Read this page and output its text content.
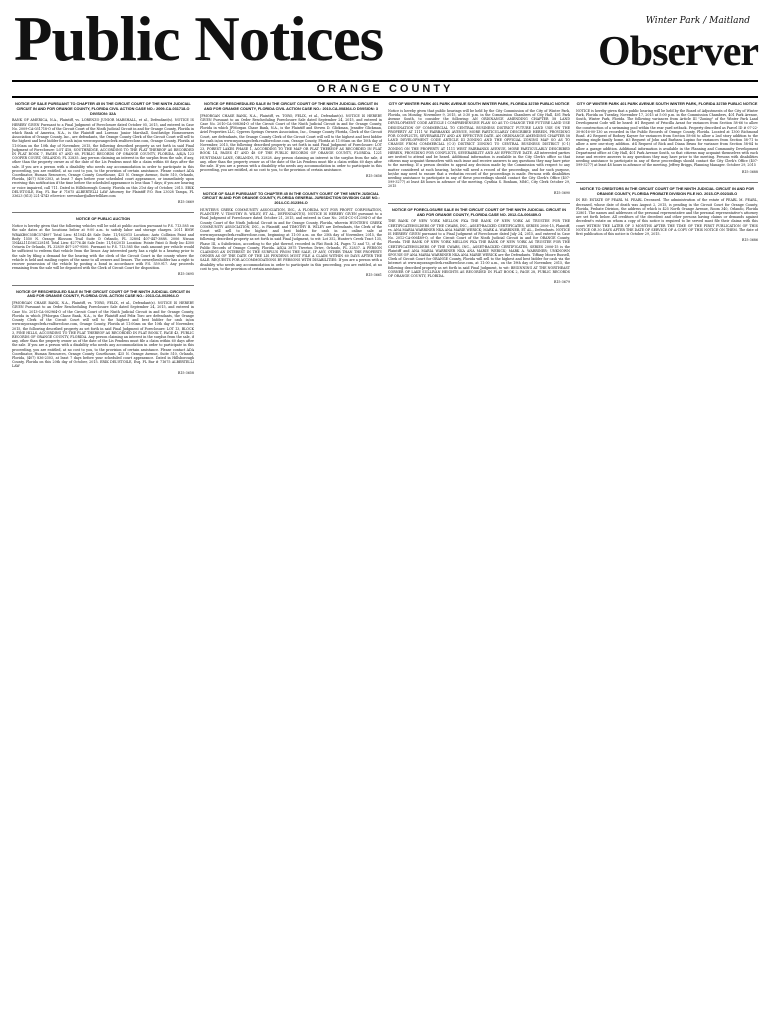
Public Notices	Winter Park / Maitland
Observer
ORANGE COUNTY
NOTICE OF SALE PURSUANT TO CHAPTER 45 IN THE CIRCUIT COURT OF THE NINTH JUDICIAL CIRCUIT IN AND FOR ORANGE COUNTY, FLORIDA CIVIL ACTION CASE NO.: 2009-CA-031718-O DIVISION: 32A
BANK OF AMERICA, N.A., Plaintiff, vs. LORENZO JUNIOR MARSHALL, et al., Defendant(s). NOTICE IS HEREBY GIVEN Pursuant to a Final Judgment of Foreclosure dated October 05, 2015, and entered in Case No. 2009-CA-031718-O of the Circuit Court of the Ninth Judicial Circuit in and for Orange County, Florida in which Bank of America, N.A., is the Plaintiff and Lorenzo Junior Marshall, Southridge Homeowners Association of Orange County, Inc., are defendants, the Orange County Clerk of the Circuit Court will sell to the highest and best bidder for cash in/on www.myorangeclerk.realforeclose.com, Orange County, Florida at 11:00am on the 10th day of November, 2015, the following described property as set forth in said Final Judgment of Foreclosure: LOT 418, SOUTHRIDGE, ACCORDING TO THE PLAT THEREOF AS RECORDED IN PLAT BOOK 7, PAGES 67 AND 68, PUBLIC RECORDS OF ORANGE COUNTY, FLORIDA. A/K/A 123 COOPER COURT, ORLANDO, FL 32835. Any person claiming an interest in the surplus from the sale, if any, other than the property owner as of the date of the Lis Pendens must file a claim within 60 days after the sale. If you are a person with a disability who needs any accommodation in order to participate in this proceeding, you are entitled, at no cost to you, to the provision of certain assistance. Please contact ADA Coordinator, Human Resources, Orange County Courthouse, 425 N. Orange Avenue, Suite 510, Orlando, Florida, (407) 836-2303, at least 7 days before your scheduled court appearance, or immediately upon receiving this notification if the time before the scheduled appearance is less than 7 days; if you are hearing or voice impaired, call 711. Dated in Hillsborough County, Florida on this 21st day of October, 2015. ERIK DEL'ETOILE, Esq. FL Bar # 71675 ALBERTELLI LAW Attorney for Plaintiff P.O. Box 23028 Tampa, FL 33623 (813) 221-4743 eService: servealaw@albertellilaw.com
R15-3669
NOTICE OF PUBLIC AUCTION
Notice is hereby given that the following vehicles will be sold at public auction pursuant to F.S. 713.585 on the sale dates at the locations below at 9:00 a.m. to satisfy labor and storage charges. 2011 BMW WBAKB0C55BC574897 Total Lien: $11043.48 Sale Date: 11/16/2015 Location: Auto Collision Paint and Body 1550 N. Orange Blossom Trail Suite D Orlando, FL 32804 407-447-3888. 2006 Nissan 1N4AL11D36C228181 Total Lien: $2776.46 Sale Date: 11/16/2015 Location: Pointe Paint & Body Inc 4300 Octavia Dr Orlando, FL 32839 407-297-9500. Pursuant to F.S. 713.585 the cash amount per vehicle would be sufficient to redeem that vehicle from the lienor. Any interested party has a right to a hearing prior to the sale by filing a demand for the hearing with the clerk of the Circuit Court in the county where the vehicle is held and mailing copies of the same to all owners and lienors. The owner/lienholder has a right to recover possession of the vehicle by posting a bond in accordance with F.S. 559.917. Any proceeds remaining from the sale will be deposited with the Clerk of Circuit Court for disposition.
R15-3695
NOTICE OF RESCHEDULED SALE IN THE CIRCUIT COURT OF THE NINTH JUDICIAL CIRCUIT IN AND FOR ORANGE COUNTY, FLORIDA CIVIL ACTION CASE NO.: 2013-CA-002964-O
JPMORGAN CHASE BANK, N.A., Plaintiff, vs. TORO, FELIX, et al., Defendant(s). NOTICE IS HEREBY GIVEN Pursuant to an Order Rescheduling Foreclosure Sale dated September 24, 2015, and entered in Case No. 2013-CA-002964-O of the Circuit Court of the Ninth Judicial Circuit in and for Orange County, Florida in which JPMorgan Chase Bank, N.A., is the Plaintiff and Felix Toro are defendants, the Orange County Clerk of the Circuit Court will sell to the highest and best bidder for cash in/on www.myorangeclerk.realforeclose.com, Orange County, Florida at 11:00am on the 10th day of November, 2015, the following described property as set forth in said Final Judgment of Foreclosure: LOT 13, BLOCK 3, PINE HILLS, ACCORDING TO THE PLAT THEREOF AS RECORDED IN PLAT BOOK T, PAGE 43, PUBLIC RECORDS OF ORANGE COUNTY, FLORIDA. Any person claiming an interest in the surplus from the sale, if any, other than the property owner as of the date of the Lis Pendens must file a claim within 60 days after the sale. If you are a person with a disability who needs any accommodation in order to participate in this proceeding, you are entitled, at no cost to you, to the provision of certain assistance. Please contact ADA Coordinator, Human Resources, Orange County Courthouse, 425 N. Orange Avenue, Suite 510, Orlando, Florida, (407) 836-2303, at least 7 days before your scheduled court appearance. Dated in Hillsborough County, Florida on this 20th day of October, 2015. ERIK DEL'ETOILE, Esq. FL Bar # 71675 ALBERTELLI LAW
R15-3658
NOTICE OF RESCHEDULED SALE IN THE CIRCUIT COURT OF THE NINTH JUDICIAL CIRCUIT IN AND FOR ORANGE COUNTY, FLORIDA CIVIL ACTION CASE NO.: 2010-CA-008364-O DIVISION: 3
JPMORGAN CHASE BANK, N.A., Plaintiff, vs. TORO, FELIX, et al., Defendant(s). NOTICE IS HEREBY GIVEN Pursuant to an Order Rescheduling Foreclosure Sale dated September 24, 2015, and entered in Case No. 2010-CA-008364-O of the Circuit Court of the Ninth Judicial Circuit in and for Orange County, Florida in which JPMorgan Chase Bank, N.A., is the Plaintiff and Steven D. Glickman, Jennifer Glickman, Ariel Properties LLC, Cypress Springs Owners Association, Inc., Orange County Florida, Clerk of the Circuit Court, are defendants, the Orange County Clerk of the Circuit Court will sell to the highest and best bidder for cash in/on www.myorangeclerk.realforeclose.com, Orange County, Florida at 11:00am on the 10th day of November, 2015, the following described property as set forth in said Final Judgment of Foreclosure: LOT 23, FOREST LAKES PHASE 1, ACCORDING TO THE MAP OR PLAT THEREOF AS RECORDED IN PLAT BOOK 14, PAGES 47 AND 48 OF THE PUBLIC RECORDS OF ORANGE COUNTY, FLORIDA. 1221 HUNTSMAN LANE, ORLANDO, FL 32828. Any person claiming an interest in the surplus from the sale, if any, other than the property owner as of the date of the Lis Pendens must file a claim within 60 days after the sale. If you are a person with a disability who needs any accommodation in order to participate in this proceeding, you are entitled, at no cost to you, to the provision of certain assistance.
R15-3656
NOTICE OF SALE PURSUANT TO CHAPTER 45 IN THE COUNTY COURT OF THE NINTH JUDICIAL CIRCUIT IN AND FOR ORANGE COUNTY, FLORIDA GENERAL JURISDICTION DIVISION CASE NO.: 2014-CC-012394-O
HUNTER'S CREEK COMMUNITY ASSOCIATION, INC., A FLORIDA NOT FOR PROFIT CORPORATION, PLAINTIFF, V. TIMOTHY B. WILEY, ET AL., DEFENDANT(S). NOTICE IS HEREBY GIVEN pursuant to a Final Judgment of Foreclosure dated October 21, 2015, and entered in Case No. 2014-CC-012394-O of the County Court of the Ninth Judicial Circuit in and for Orange County, Florida, wherein HUNTER'S CREEK COMMUNITY ASSOCIATION, INC., is Plaintiff, and TIMOTHY B. WILEY are Defendants, the Clerk of the Court will sell to the highest and best bidder for cash in an online sale at www.myorangeclerk.realforeclose.com, beginning at 11:00 a.m. on the 25th day of November, 2015, the following described property as set forth in said Final Judgment, to wit: Lot 352, Hunter's Creek Tract 135, Phase III, a Subdivision, according to the plat thereof, recorded in Plat Book 34, Pages 72 and 73, of the Public Records of Orange County, Florida. A/K/A 3875 Tiverton Drive, Orlando, FL 32837. A PERSON CLAIMING AN INTEREST IN THE SURPLUS FROM THE SALE, IF ANY, OTHER THAN THE PROPERTY OWNER AS OF THE DATE OF THE LIS PENDENS MUST FILE A CLAIM WITHIN 60 DAYS AFTER THE SALE. REQUESTS FOR ACCOMMODATIONS BY PERSONS WITH DISABILITIES: If you are a person with a disability who needs any accommodation in order to participate in this proceeding, you are entitled, at no cost to you, to the provision of certain assistance.
R15-3661
CITY OF WINTER PARK 401 PARK AVENUE SOUTH WINTER PARK, FLORIDA 32789 PUBLIC NOTICE
Notice is hereby given that public hearings will be held by the City Commission of the City of Winter Park, Florida, on Monday, November 9, 2015, at 3:30 p.m. in the Commission Chambers of City Hall, 401 Park Avenue South, to consider the following: AN ORDINANCE AMENDING CHAPTER 58 LAND DEVELOPMENT CODE ARTICLE I COMPREHENSIVE PLAN SO AS TO CHANGE THE FUTURE LAND USE DESIGNATION OF COMMERCIAL TO CENTRAL BUSINESS DISTRICT FUTURE LAND USE ON THE PROPERTY AT 1111 W. FAIRBANKS AVENUE, MORE PARTICULARLY DESCRIBED HEREIN, PROVIDING FOR CONFLICTS, SEVERABILITY AND AN EFFECTIVE DATE. AN ORDINANCE AMENDING CHAPTER 58 LAND DEVELOPMENT CODE ARTICLE III ZONING AND THE OFFICIAL ZONING MAP SO AS TO CHANGE FROM COMMERCIAL (C-3) DISTRICT ZONING TO CENTRAL BUSINESS DISTRICT (C-1) ZONING ON THE PROPERTY AT 1111 WEST FAIRBANKS AVENUE, MORE PARTICULARLY DESCRIBED HEREIN, PROVIDING FOR CONFLICTS, SEVERABILITY AND AN EFFECTIVE DATE. All interested parties are invited to attend and be heard. Additional information is available in the City Clerk's office so that citizens may acquaint themselves with each issue and receive answers to any questions they may have prior to the meeting. If a person decides to appeal any decision made by the Commission with respect to any matter considered at such hearing, he/she will need a record of the proceedings, and for such purpose, he/she may need to ensure that a verbatim record of the proceedings is made. Persons with disabilities needing assistance to participate in any of these proceedings should contact the City Clerk's Office (407-599-3277) at least 48 hours in advance of the meeting. Cynthia S. Bonham, MMC, City Clerk October 29, 2015
R15-3690
NOTICE OF FORECLOSURE SALE IN THE CIRCUIT COURT OF THE NINTH JUDICIAL CIRCUIT IN AND FOR ORANGE COUNTY, FLORIDA CASE NO. 2012-CA-006489-O
THE BANK OF NEW YORK MELLON FKA THE BANK OF NEW YORK AS TRUSTEE FOR THE CERTIFICATEHOLDERS OF THE CWABS, INC., ASSET-BACKED CERTIFICATES, SERIES 2006-15, Plaintiff, vs. ANA MARIA WARRINER NKA ANA MARIE WERICK; MARK A. WARRINER, ET AL., Defendants. NOTICE IS HEREBY GIVEN pursuant to a Final Judgment of Foreclosure dated July 24, 2015, and entered in Case No. 2012-CA-006489-O, of the Circuit Court of the Ninth Judicial Circuit in and for ORANGE County, Florida. THE BANK OF NEW YORK MELLON FKA THE BANK OF NEW YORK AS TRUSTEE FOR THE CERTIFICATEHOLDERS OF THE CWABS, INC., ASSET-BACKED CERTIFICATES, SERIES 2006-15 is the Plaintiff and ANA MARIA WARRINER NKA ANA MARIE WERICK; MARK A. WARRINER; UNKNOWN SPOUSE OF ANA MARIA WARRINER NKA ANA MARIE WERICK are the Defendants. Tiffany Moore Russell, Clerk of Circuit Court for ORANGE County, Florida will sell to the highest and best bidder for cash via the Internet at www.myorangeclerk.realforeclose.com, at 11:00 a.m., on the 19th day of November, 2015, the following described property as set forth in said Final Judgment, to wit: BEGINNING AT THE NORTHEAST CORNER OF LAKE SULLIVAN HEIGHTS AS RECORDED IN PLAT BOOK 2, PAGE 28, PUBLIC RECORDS OF ORANGE COUNTY, FLORIDA.
R15-3679
CITY OF WINTER PARK 401 PARK AVENUE SOUTH WINTER PARK, FLORIDA 32789 PUBLIC NOTICE
NOTICE is hereby given that a public hearing will be held by the Board of Adjustments of the City of Winter Park, Florida on Tuesday, November 17, 2015 at 5:00 p.m. in the Commission Chambers, 401 Park Avenue, South, Winter Park, Florida. The following variances from Article III "Zoning" of the Winter Park Land Development Code will be heard: #1 Request of Priscilla Avant for variances from Section 58-66 to allow the construction of a swimming pool within the rear yard setback. Property described as Parcel ID # 07-22-30-8016-00-130 as recorded in the Public Records of Orange County, Florida. Located at 1300 Richmond Road. #2 Request of Rodney Kayser for variances from Section 58-66 to allow a 2nd story addition to the existing single family home. #3 Request of John and Barbara Lupino for variances from Section 58-71 to allow a new one-story addition. #4 Request of Rick and Diana Bruns for variance from Section 58-84 to allow a garage addition. Additional information is available in the Planning and Community Development Department office at City Hall, 401 Park Avenue South, so that citizens may acquaint themselves with each issue and receive answers to any questions they may have prior to the meeting. Persons with disabilities needing assistance to participate in any of these proceedings should contact the City Clerk's Office (407-599-3277) at least 48 hours in advance of the meeting. Jeffrey Briggs, Planning Manager. October 29, 2015
R15-3688
NOTICE TO CREDITORS IN THE CIRCUIT COURT OF THE NINTH JUDICIAL CIRCUIT IN AND FOR ORANGE COUNTY, FLORIDA PROBATE DIVISION FILE NO. 2015-CP-002345-O
IN RE: ESTATE OF PEARL M. PEARL Deceased. The administration of the estate of PEARL M. PEARL, deceased, whose date of death was August 2, 2015, is pending in the Circuit Court for Orange County, Florida, Probate Division, the address of which is 425 North Orange Avenue, Room 340, Orlando, Florida 32801. The names and addresses of the personal representative and the personal representative's attorney are set forth below. All creditors of the decedent and other persons having claims or demands against decedent's estate on whom a copy of this notice is required to be served must file their claims with this court WITHIN THE LATER OF 3 MONTHS AFTER THE TIME OF THE FIRST PUBLICATION OF THIS NOTICE OR 30 DAYS AFTER THE DATE OF SERVICE OF A COPY OF THIS NOTICE ON THEM. The date of first publication of this notice is October 29, 2015.
R15-3686
